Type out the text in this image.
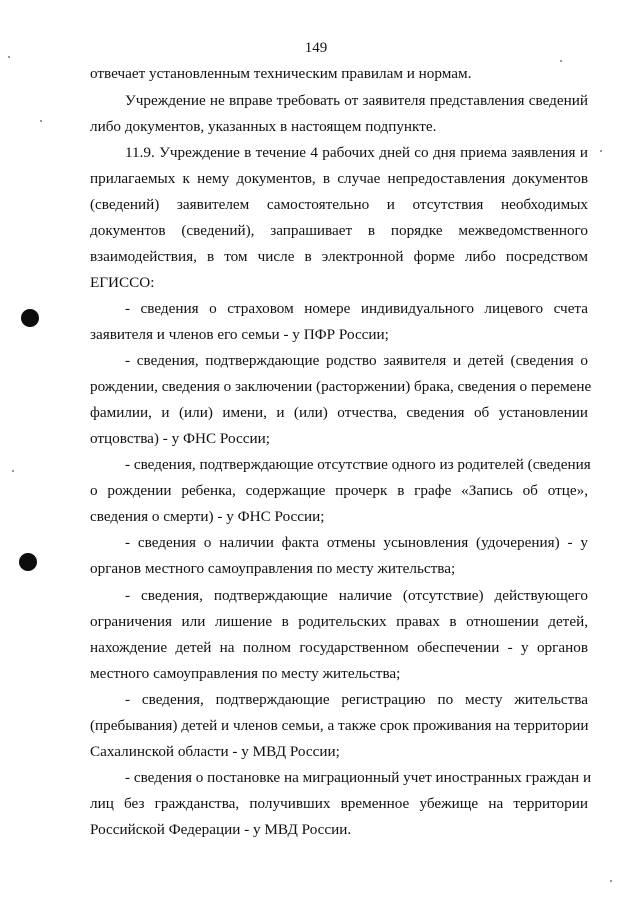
149
отвечает установленным техническим правилам и нормам.
Учреждение не вправе требовать от заявителя представления сведений
либо документов, указанных в настоящем подпункте.
11.9. Учреждение в течение 4 рабочих дней со дня приема заявления и
прилагаемых к нему документов, в случае непредоставления документов
(сведений) заявителем самостоятельно и отсутствия необходимых
документов (сведений), запрашивает в порядке межведомственного
взаимодействия, в том числе в электронной форме либо посредством
ЕГИССО:
- сведения о страховом номере индивидуального лицевого счета
заявителя и членов его семьи - у ПФР России;
- сведения, подтверждающие родство заявителя и детей (сведения о
рождении, сведения о заключении (расторжении) брака, сведения о перемене
фамилии, и (или) имени, и (или) отчества, сведения об установлении
отцовства) - у ФНС России;
- сведения, подтверждающие отсутствие одного из родителей (сведения
о рождении ребенка, содержащие прочерк в графе «Запись об отце»,
сведения о смерти) - у ФНС России;
- сведения о наличии факта отмены усыновления (удочерения) - у
органов местного самоуправления по месту жительства;
- сведения, подтверждающие наличие (отсутствие) действующего
ограничения или лишение в родительских правах в отношении детей,
нахождение детей на полном государственном обеспечении - у органов
местного самоуправления по месту жительства;
- сведения, подтверждающие регистрацию по месту жительства
(пребывания) детей и членов семьи, а также срок проживания на территории
Сахалинской области - у МВД России;
- сведения о постановке на миграционный учет иностранных граждан и
лиц без гражданства, получивших временное убежище на территории
Российской Федерации - у МВД России.
